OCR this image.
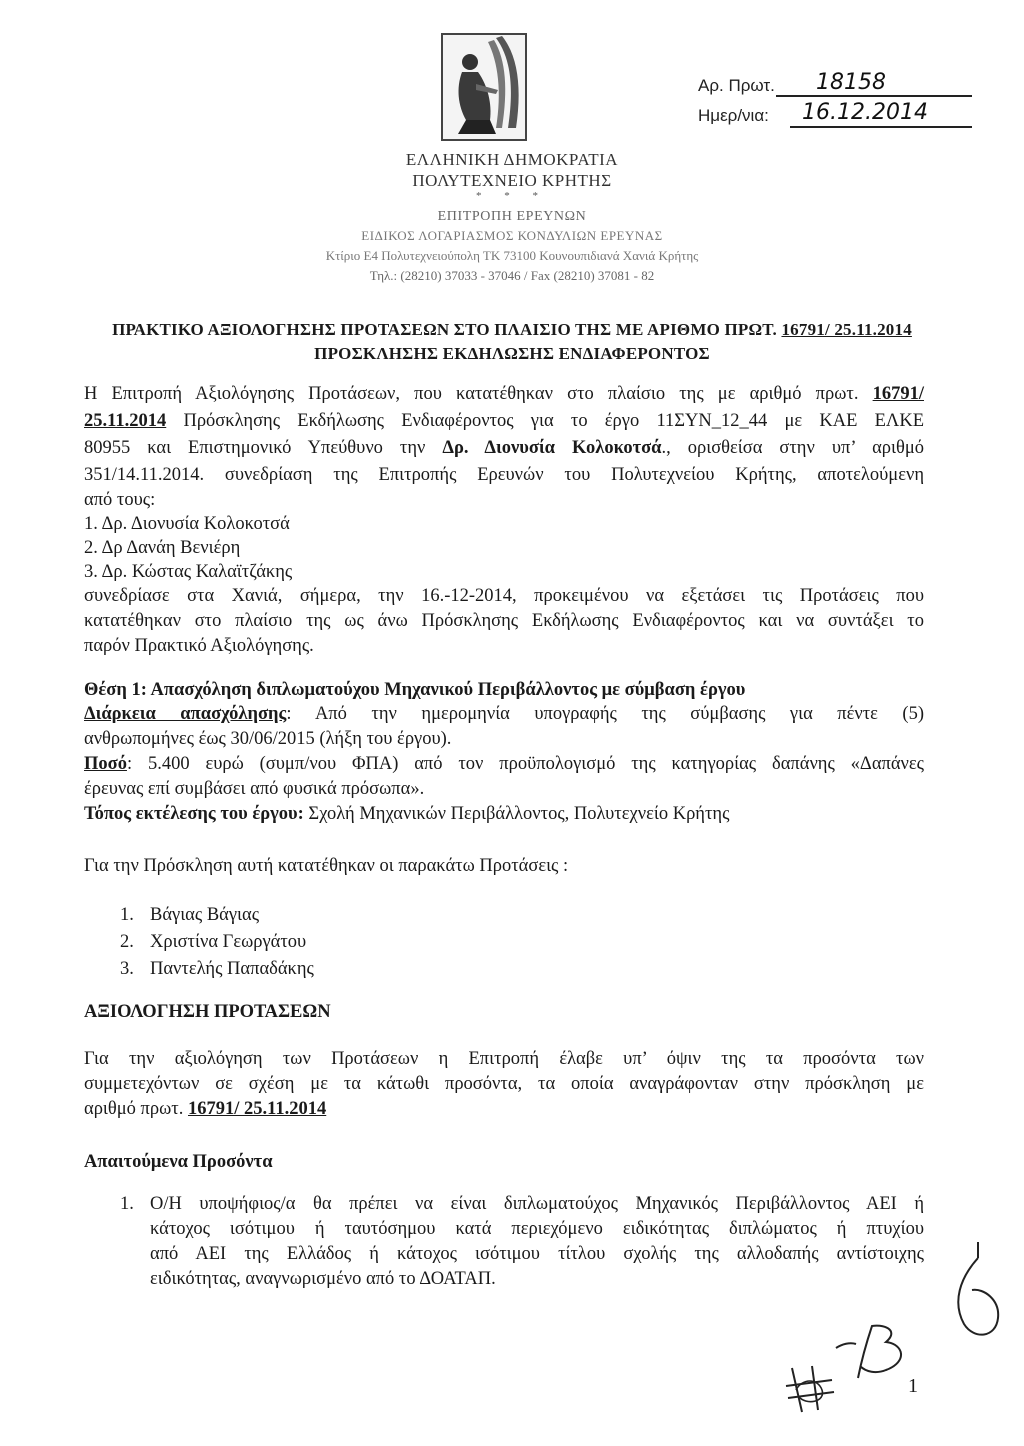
ΕΛΛΗΝΙΚΗ ΔΗΜΟΚΡΑΤΙΑ
ΠΟΛΥΤΕΧΝΕΙΟ ΚΡΗΤΗΣ
* * *
ΕΠΙΤΡΟΠΗ ΕΡΕΥΝΩΝ
ΕΙΔΙΚΟΣ ΛΟΓΑΡΙΑΣΜΟΣ ΚΟΝΔΥΛΙΩΝ ΕΡΕΥΝΑΣ
Κτίριο Ε4 Πολυτεχνειούπολη ΤΚ 73100 Κουνουπιδιανά Χανιά Κρήτης
Τηλ.: (28210) 37033 - 37046 / Fax (28210) 37081 - 82
Αρ. Πρωτ. 18158
Ημερ/νια: 16.12.2014
ΠΡΑΚΤΙΚΟ ΑΞΙΟΛΟΓΗΣΗΣ ΠΡΟΤΑΣΕΩΝ ΣΤΟ ΠΛΑΙΣΙΟ ΤΗΣ ΜΕ ΑΡΙΘΜΟ ΠΡΩΤ. 16791/ 25.11.2014
ΠΡΟΣΚΛΗΣΗΣ ΕΚΔΗΛΩΣΗΣ ΕΝΔΙΑΦΕΡΟΝΤΟΣ
Η Επιτροπή Αξιολόγησης Προτάσεων, που κατατέθηκαν στο πλαίσιο της με αριθμό πρωτ. 16791/
25.11.2014 Πρόσκλησης Εκδήλωσης Ενδιαφέροντος για το έργο 11ΣΥΝ_12_44 με ΚΑΕ ΕΛΚΕ
80955 και Επιστημονικό Υπεύθυνο την Δρ. Διονυσία Κολοκοτσά., ορισθείσα στην υπ’ αριθμό
351/14.11.2014. συνεδρίαση της Επιτροπής Ερευνών του Πολυτεχνείου Κρήτης, αποτελούμενη
από τους:
1. Δρ. Διονυσία Κολοκοτσά
2. Δρ Δανάη Βενιέρη
3. Δρ. Κώστας Καλαϊτζάκης
συνεδρίασε στα Χανιά, σήμερα, την 16.-12-2014, προκειμένου να εξετάσει τις Προτάσεις που
κατατέθηκαν στο πλαίσιο της ως άνω Πρόσκλησης Εκδήλωσης Ενδιαφέροντος και να συντάξει το
παρόν Πρακτικό Αξιολόγησης.
Θέση 1: Απασχόληση διπλωματούχου Μηχανικού Περιβάλλοντος με σύμβαση έργου
Διάρκεια απασχόλησης: Από την ημερομηνία υπογραφής της σύμβασης για πέντε (5)
ανθρωπομήνες έως 30/06/2015 (λήξη του έργου).
Ποσό: 5.400 ευρώ (συμπ/νου ΦΠΑ) από τον προϋπολογισμό της κατηγορίας δαπάνης «Δαπάνες
έρευνας επί συμβάσει από φυσικά πρόσωπα».
Τόπος εκτέλεσης του έργου: Σχολή Μηχανικών Περιβάλλοντος, Πολυτεχνείο Κρήτης
Για την Πρόσκληση αυτή κατατέθηκαν οι παρακάτω Προτάσεις :
1. Βάγιας Βάγιας
2. Χριστίνα Γεωργάτου
3. Παντελής Παπαδάκης
ΑΞΙΟΛΟΓΗΣΗ ΠΡΟΤΑΣΕΩΝ
Για την αξιολόγηση των Προτάσεων η Επιτροπή έλαβε υπ’ όψιν της τα προσόντα των
συμμετεχόντων σε σχέση με τα κάτωθι προσόντα, τα οποία αναγράφονταν στην πρόσκληση με
αριθμό πρωτ. 16791/ 25.11.2014
Απαιτούμενα Προσόντα
1. Ο/Η υποψήφιος/α θα πρέπει να είναι διπλωματούχος Μηχανικός Περιβάλλοντος ΑΕΙ ή
κάτοχος ισότιμου ή ταυτόσημου κατά περιεχόμενο ειδικότητας διπλώματος ή πτυχίου
από ΑΕΙ της Ελλάδος ή κάτοχος ισότιμου τίτλου σχολής της αλλοδαπής αντίστοιχης
ειδικότητας, αναγνωρισμένο από το ΔΟΑΤΑΠ.
1
